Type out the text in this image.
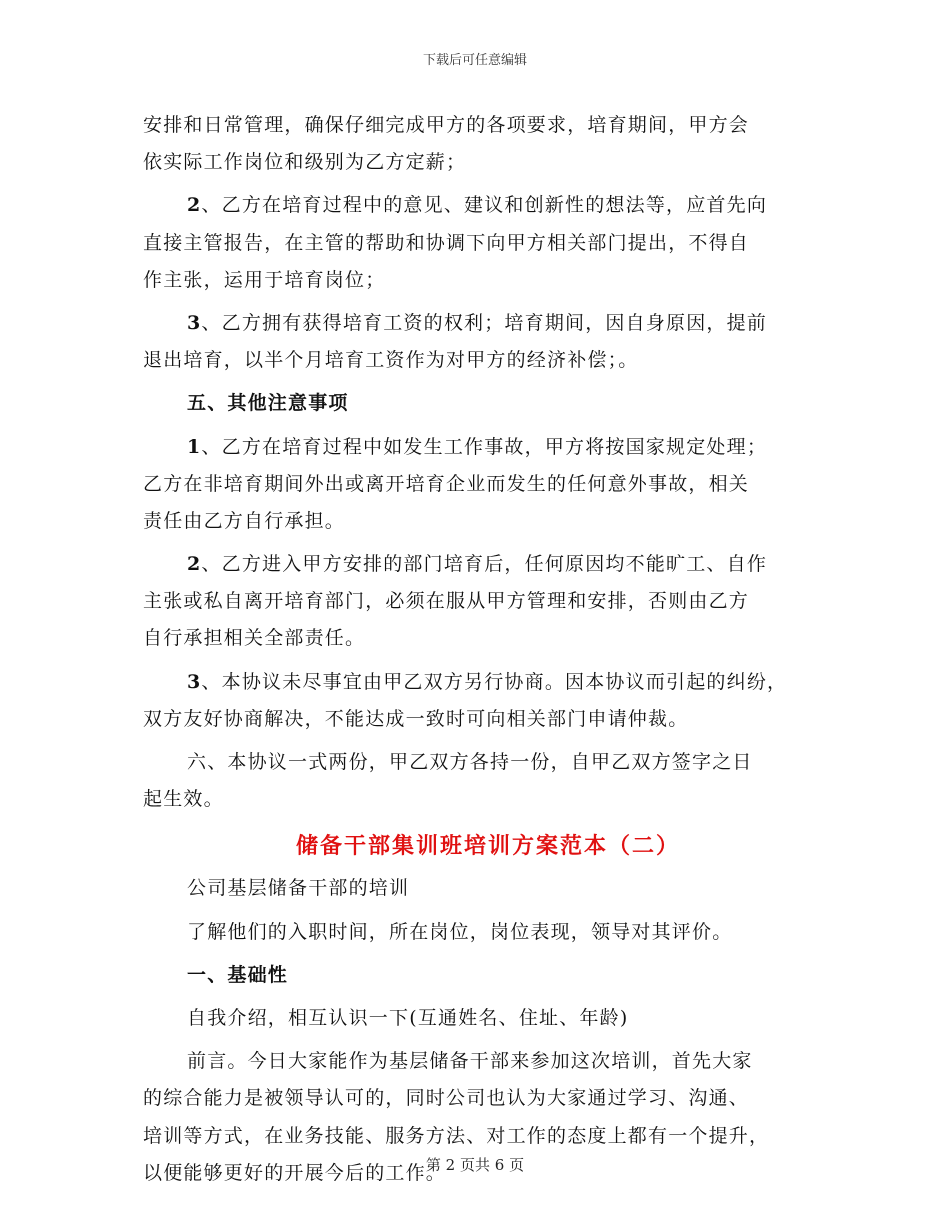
下载后可任意编辑
安排和日常管理，确保仔细完成甲方的各项要求，培育期间，甲方会
依实际工作岗位和级别为乙方定薪；
2、乙方在培育过程中的意见、建议和创新性的想法等，应首先向
直接主管报告，在主管的帮助和协调下向甲方相关部门提出，不得自
作主张，运用于培育岗位；
3、乙方拥有获得培育工资的权利；培育期间，因自身原因，提前
退出培育，以半个月培育工资作为对甲方的经济补偿；。
五、其他注意事项
1、乙方在培育过程中如发生工作事故，甲方将按国家规定处理；
乙方在非培育期间外出或离开培育企业而发生的任何意外事故，相关
责任由乙方自行承担。
2、乙方进入甲方安排的部门培育后，任何原因均不能旷工、自作
主张或私自离开培育部门，必须在服从甲方管理和安排，否则由乙方
自行承担相关全部责任。
3、本协议未尽事宜由甲乙双方另行协商。因本协议而引起的纠纷，
双方友好协商解决，不能达成一致时可向相关部门申请仲裁。
六、本协议一式两份，甲乙双方各持一份，自甲乙双方签字之日
起生效。
储备干部集训班培训方案范本（二）
公司基层储备干部的培训
了解他们的入职时间，所在岗位，岗位表现，领导对其评价。
一、基础性
自我介绍，相互认识一下(互通姓名、住址、年龄)
前言。今日大家能作为基层储备干部来参加这次培训，首先大家
的综合能力是被领导认可的，同时公司也认为大家通过学习、沟通、
培训等方式，在业务技能、服务方法、对工作的态度上都有一个提升，
以便能够更好的开展今后的工作。
第 2 页共 6 页
